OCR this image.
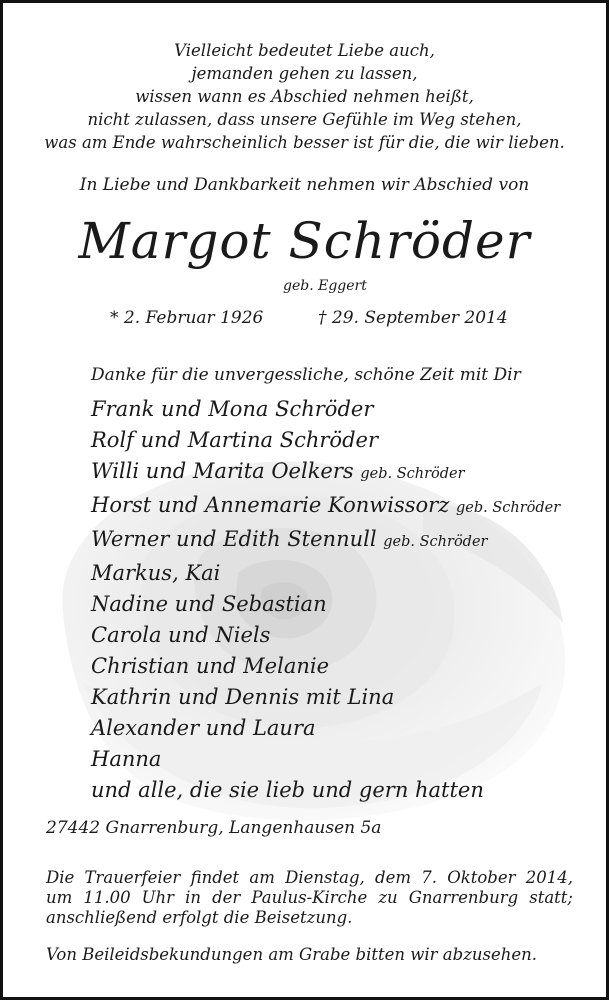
Vielleicht bedeutet Liebe auch,
jemanden gehen zu lassen,
wissen wann es Abschied nehmen heißt,
nicht zulassen, dass unsere Gefühle im Weg stehen,
was am Ende wahrscheinlich besser ist für die, die wir lieben.
In Liebe und Dankbarkeit nehmen wir Abschied von
Margot Schröder
geb. Eggert
* 2. Februar 1926	† 29. September 2014
Danke für die unvergessliche, schöne Zeit mit Dir
Frank und Mona Schröder
Rolf und Martina Schröder
Willi und Marita Oelkers geb. Schröder
Horst und Annemarie Konwissorz geb. Schröder
Werner und Edith Stennull geb. Schröder
Markus, Kai
Nadine und Sebastian
Carola und Niels
Christian und Melanie
Kathrin und Dennis mit Lina
Alexander und Laura
Hanna
und alle, die sie lieb und gern hatten
27442 Gnarrenburg, Langenhausen 5a
Die Trauerfeier findet am Dienstag, dem 7. Oktober 2014,
um 11.00 Uhr in der Paulus-Kirche zu Gnarrenburg statt;
anschließend erfolgt die Beisetzung.
Von Beileidsbekundungen am Grabe bitten wir abzusehen.
